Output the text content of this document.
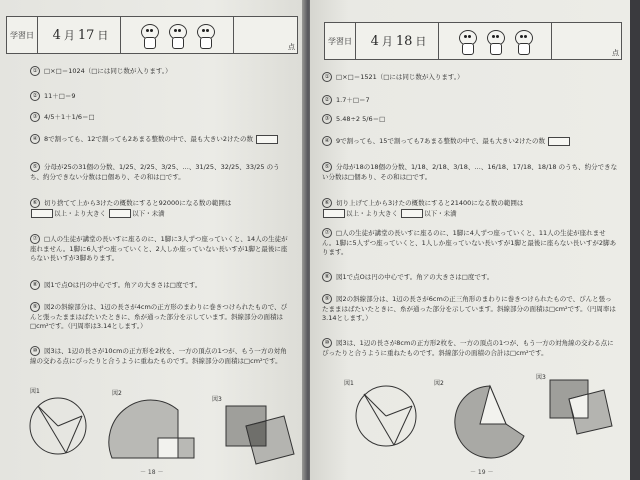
学習日	4 月 17 日
点
① □×□＝1024（□には同じ数が入ります。）
② 11＋□＝9
③ 4/5＋1＋1/6＝□
④ 8で割っても、12で割っても2あまる整数の中で、最も大きい2けたの数
⑤ 分母が25の31個の分数、1/25、2/25、3/25、…、31/25、32/25、33/25 のうち、約分できない分数は□個あり、その和は□です。
⑥ 切り捨てて上から3けたの概数にすると92000になる数の範囲は
以上・より大きく	以下・未満
⑦ □人の生徒が講堂の長いすに座るのに、1脚に3人ずつ座っていくと、14人の生徒が座れません。1脚に6人ずつ座っていくと、2人しか座っていない長いすが1脚と最後に座らない長いすが3脚あります。
⑧ 図1で点Oは円の中心です。角アの大きさは□度です。
⑨ 図2の斜線部分は、1辺の長さが4cmの正方形のまわりに巻きつけられたもので、ぴんと張ったままはばたいたときに、糸が通った部分を示しています。斜線部分の面積は□cm²です。（円周率は3.14とします。）
⑩ 図3は、1辺の長さが10cmの正方形を2枚を、一方の頂点の1つが、もう一方の対角線の交わる点にぴったりと合うように重ねたものです。斜線部分の面積は□cm²です。
図1	図2
図3
－ 18 －
学習日	4 月 18 日
点
① □×□＝1521（□には同じ数が入ります。）
② 1.7＋□＝7
③ 5.48÷2 5/6＝□
④ 9で割っても、15で割っても7あまる整数の中で、最も大きい2けたの数
⑤ 分母が18の18個の分数、1/18、2/18、3/18、…、16/18、17/18、18/18 のうち、約分できない分数は□個あり、その和は□です。
⑥ 切り上げて上から3けたの概数にすると21400になる数の範囲は
以上・より大きく	以下・未満
⑦ □人の生徒が講堂の長いすに座るのに、1脚に4人ずつ座っていくと、11人の生徒が座れません。1脚に5人ずつ座っていくと、1人しか座っていない長いすが1脚と最後に座らない長いすが2脚あります。
⑧ 図1で点Oは円の中心です。角アの大きさは□度です。
⑨ 図2の斜線部分は、1辺の長さが6cmの正三角形のまわりに巻きつけられたもので、ぴんと張ったままはばたいたときに、糸が通った部分を示しています。斜線部分の面積は□cm²です。（円周率は3.14とします。）
⑩ 図3は、1辺の長さが8cmの正方形2枚を、一方の頂点の1つが、もう一方の対角線の交わる点にぴったりと合うように重ねたものです。斜線部分の面積の合計は□cm²です。
図1	図2
図3
－ 19 －
